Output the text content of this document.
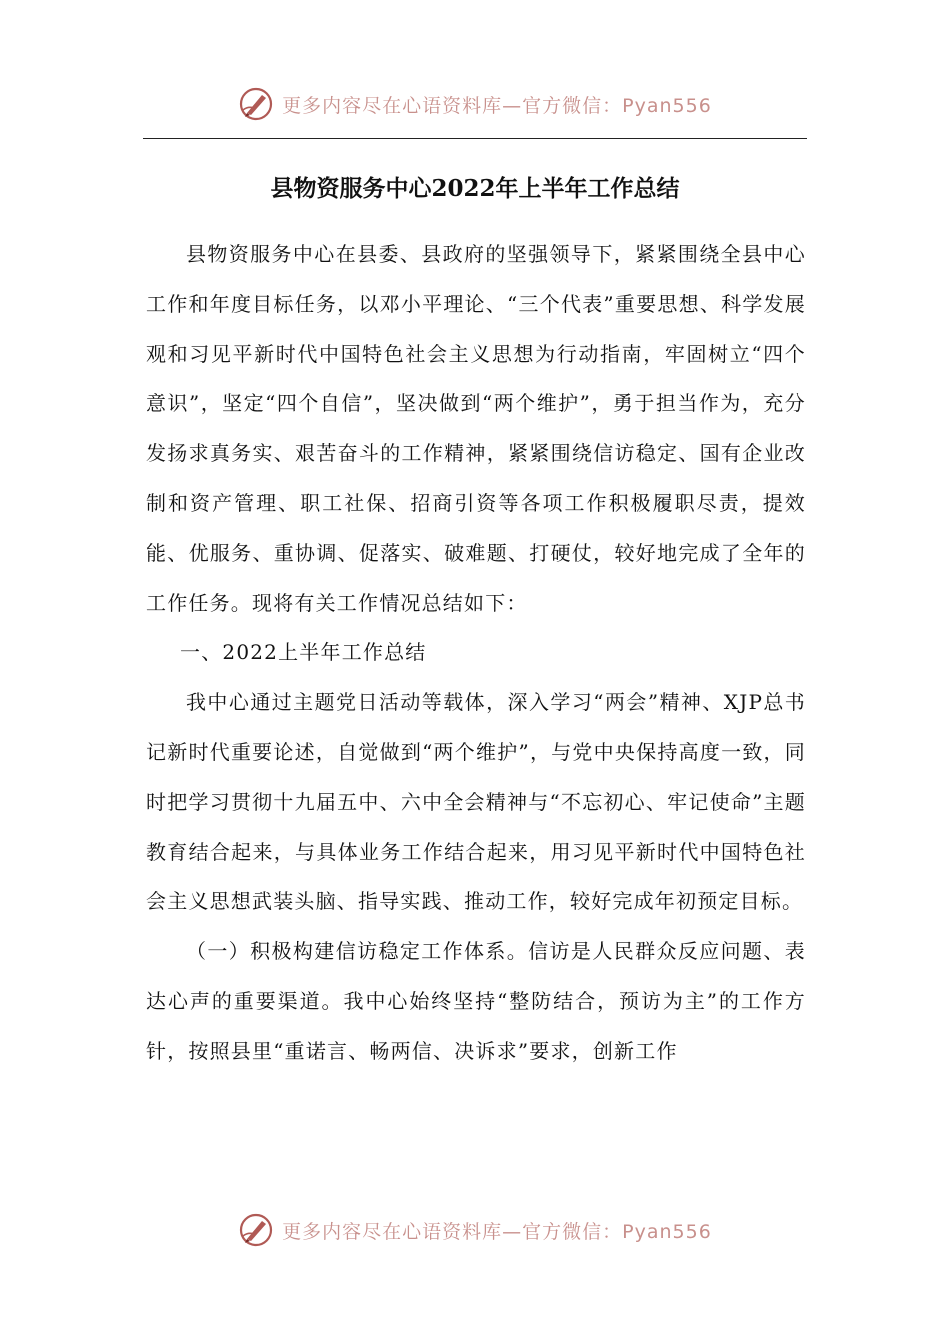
更多内容尽在心语资料库—官方微信：Pyan556
县物资服务中心2022年上半年工作总结

县物资服务中心在县委、县政府的坚强领导下，紧紧围绕全县中心工作和年度目标任务，以邓小平理论、“三个代表”重要思想、科学发展观和习见平新时代中国特色社会主义思想为行动指南，牢固树立“四个意识”，坚定“四个自信”，坚决做到“两个维护”，勇于担当作为，充分发扬求真务实、艰苦奋斗的工作精神，紧紧围绕信访稳定、国有企业改制和资产管理、职工社保、招商引资等各项工作积极履职尽责，提效能、优服务、重协调、促落实、破难题、打硬仗，较好地完成了全年的工作任务。现将有关工作情况总结如下：

一、2022上半年工作总结

我中心通过主题党日活动等载体，深入学习“两会”精神、XJP总书记新时代重要论述，自觉做到“两个维护”，与党中央保持高度一致，同时把学习贯彻十九届五中、六中全会精神与“不忘初心、牢记使命”主题教育结合起来，与具体业务工作结合起来，用习见平新时代中国特色社会主义思想武装头脑、指导实践、推动工作，较好完成年初预定目标。

（一）积极构建信访稳定工作体系。信访是人民群众反应问题、表达心声的重要渠道。我中心始终坚持“整防结合，预访为主”的工作方针，按照县里“重诺言、畅两信、决诉求”要求，创新工作

更多内容尽在心语资料库—官方微信：Pyan556
